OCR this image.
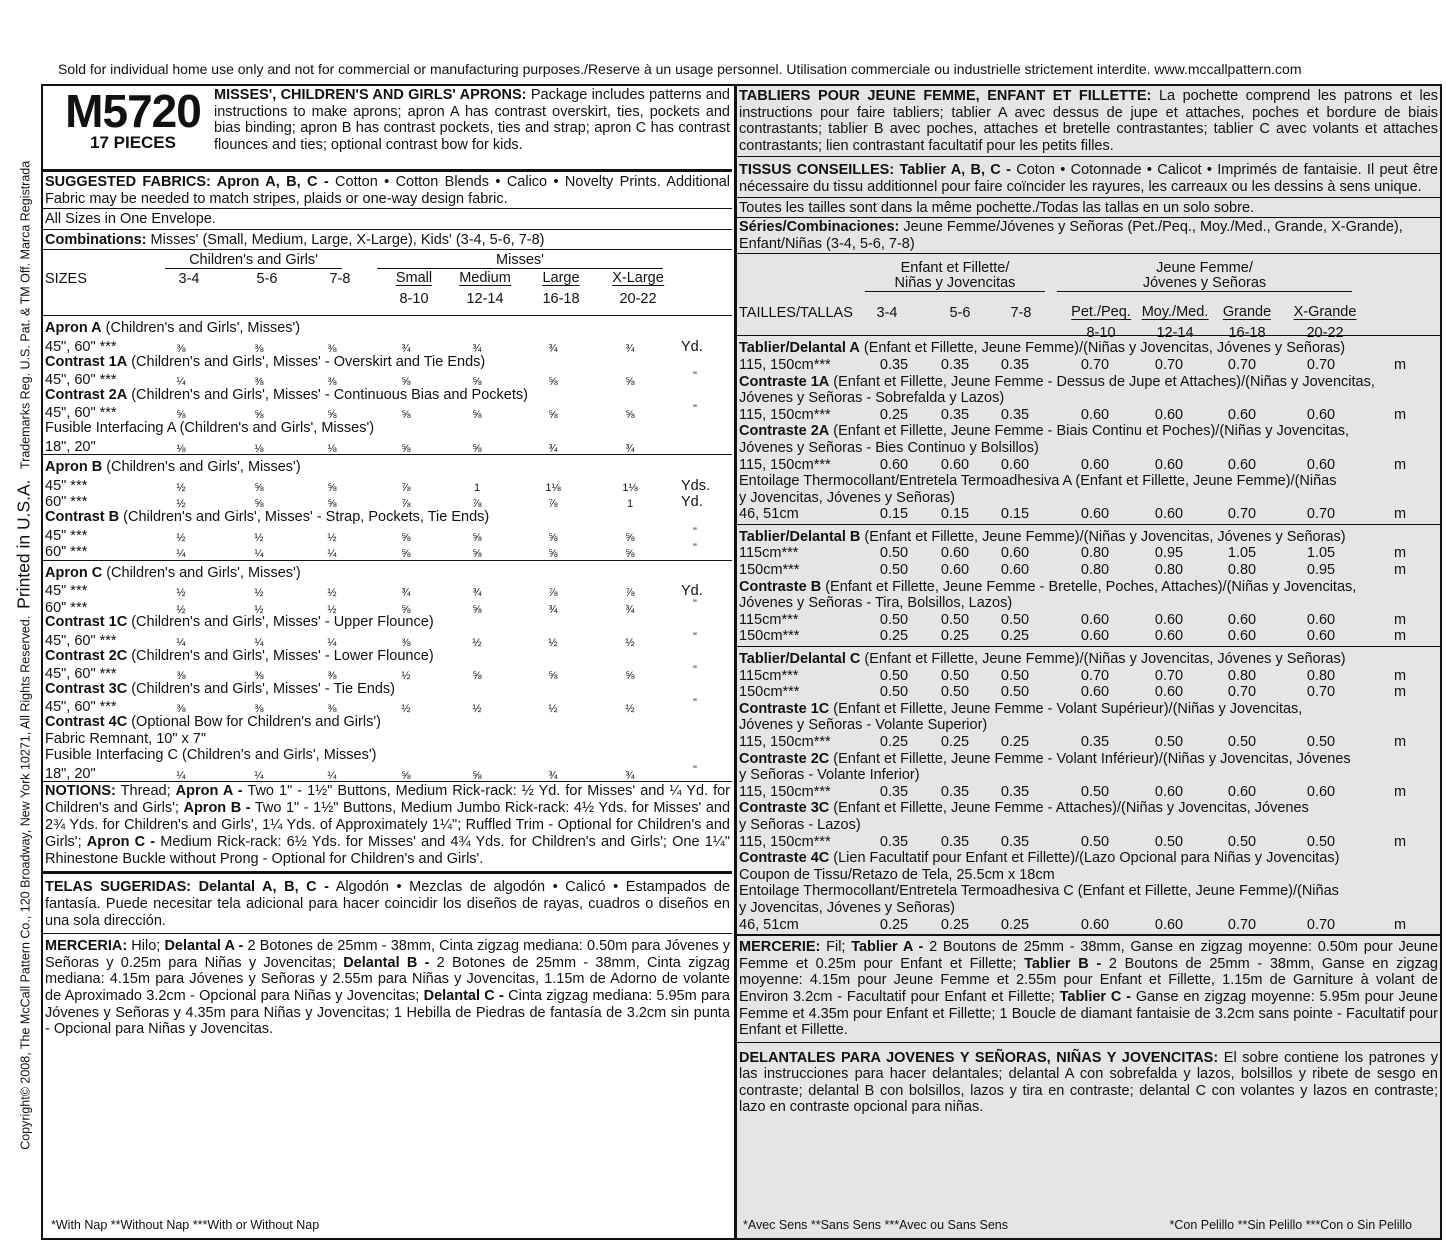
Sold for individual home use only and not for commercial or manufacturing purposes./Reserve à un usage personnel. Utilisation commerciale ou industrielle strictement interdite. www.mccallpattern.com
Copyright© 2008, The McCall Pattern Co., 120 Broadway, New York 10271, All Rights Reserved.  Printed in U.S.A.   Trademarks Reg. U.S. Pat. & TM Off. Marca Registrada
M5720
17 PIECES
MISSES', CHILDREN'S AND GIRLS' APRONS: Package includes patterns and instructions to make aprons; apron A has contrast overskirt, ties, pockets and bias binding; apron B has contrast pockets, ties and strap; apron C has contrast flounces and ties; optional contrast bow for kids.
SUGGESTED FABRICS: Apron A, B, C - Cotton • Cotton Blends • Calico • Novelty Prints. Additional Fabric may be needed to match stripes, plaids or one-way design fabric.
All Sizes in One Envelope.
Combinations: Misses' (Small, Medium, Large, X-Large), Kids' (3-4, 5-6, 7-8)
SIZES	3-4	5-6	7-8	Small Medium Large X-Large
8-10	12-14	16-18	20-22
Children's and Girls'	Misses'
Apron A (Children's and Girls', Misses')
45", 60" ***	⅜	⅜	⅜	¾	¾	¾	¾	Yd.
Contrast 1A (Children's and Girls', Misses' - Overskirt and Tie Ends)
45", 60" ***	¼	⅜	⅜	⅝	⅝	⅝	⅝	"
Contrast 2A (Children's and Girls', Misses' - Continuous Bias and Pockets)
45", 60" ***	⅝	⅝	⅝	⅝	⅝	⅝	⅝	"
Fusible Interfacing A (Children's and Girls', Misses')
18", 20"	⅛	⅛	⅛	⅝	⅝	¾	¾
Apron B (Children's and Girls', Misses')
45" ***	½	⅝	⅝	⅞	1	1⅛	1⅛	Yds.
60" ***	½	⅝	⅝	⅞	⅞	⅞	1	Yd.
Contrast B (Children's and Girls', Misses' - Strap, Pockets, Tie Ends)
45" ***	½	½	½	⅝	⅝	⅝	⅝	"
60" ***	¼	¼	¼	⅝	⅝	⅝	⅝	"
Apron C (Children's and Girls', Misses')
45" ***	½	½	½	¾	¾	⅞	⅞	Yd.
60" ***	½	½	½	⅝	⅝	¾	¾	"
Contrast 1C (Children's and Girls', Misses' - Upper Flounce)
45", 60" ***	¼	¼	¼	⅜	½	½	½	"
Contrast 2C (Children's and Girls', Misses' - Lower Flounce)
45", 60" ***	⅜	⅜	⅜	½	⅝	⅝	⅝	"
Contrast 3C (Children's and Girls', Misses' - Tie Ends)
45", 60" ***	⅜	⅜	⅜	½	½	½	½	"
Contrast 4C (Optional Bow for Children's and Girls')
Fabric Remnant, 10" x 7"
Fusible Interfacing C (Children's and Girls', Misses')
18", 20"	¼	¼	¼	⅝	⅝	¾	¾	"
NOTIONS: Thread; Apron A - Two 1" - 1½" Buttons, Medium Rick-rack: ½ Yd. for Misses' and ¼ Yd. for Children's and Girls'; Apron B - Two 1" - 1½" Buttons, Medium Jumbo Rick-rack: 4½ Yds. for Misses' and 2¾ Yds. for Children's and Girls', 1¼ Yds. of Approximately 1¼"; Ruffled Trim - Optional for Children's and Girls'; Apron C - Medium Rick-rack: 6½ Yds. for Misses' and 4¾ Yds. for Children's and Girls'; One 1¼" Rhinestone Buckle without Prong - Optional for Children's and Girls'.
TELAS SUGERIDAS: Delantal A, B, C - Algodón • Mezclas de algodón • Calicó • Estampados de fantasía. Puede necesitar tela adicional para hacer coincidir los diseños de rayas, cuadros o diseños en una sola dirección.
MERCERIA: Hilo; Delantal A - 2 Botones de 25mm - 38mm, Cinta zigzag mediana: 0.50m para Jóvenes y Señoras y 0.25m para Niñas y Jovencitas; Delantal B - 2 Botones de 25mm - 38mm, Cinta zigzag mediana: 4.15m para Jóvenes y Señoras y 2.55m para Niñas y Jovencitas, 1.15m de Adorno de volante de Aproximado 3.2cm - Opcional para Niñas y Jovencitas; Delantal C - Cinta zigzag mediana: 5.95m para Jóvenes y Señoras y 4.35m para Niñas y Jovencitas; 1 Hebilla de Piedras de fantasía de 3.2cm sin punta - Opcional para Niñas y Jovencitas.
*With Nap **Without Nap ***With or Without Nap
TABLIERS POUR JEUNE FEMME, ENFANT ET FILLETTE: La pochette comprend les patrons et les instructions pour faire tabliers; tablier A avec dessus de jupe et attaches, poches et bordure de biais contrastants; tablier B avec poches, attaches et bretelle contrastantes; tablier C avec volants et attaches contrastants; lien contrastant facultatif pour les petits filles.
TISSUS CONSEILLES: Tablier A, B, C - Coton • Cotonnade • Calicot • Imprimés de fantaisie. Il peut être nécessaire du tissu additionnel pour faire coïncider les rayures, les carreaux ou les dessins à sens unique.
Toutes les tailles sont dans la même pochette./Todas las tallas en un solo sobre.
Séries/Combinaciones: Jeune Femme/Jóvenes y Señoras (Pet./Peq., Moy./Med., Grande, X-Grande), Enfant/Niñas (3-4, 5-6, 7-8)
TAILLES/TALLAS 3-4	5-6	7-8	Pet./Peq. Moy./Med. Grande X-Grande
8-10	12-14 16-18	20-22
Enfant et Fillette/
Niñas y Jovencitas
Jeune Femme/
Jóvenes y Señoras
Tablier/Delantal A (Enfant et Fillette, Jeune Femme)/(Niñas y Jovencitas, Jóvenes y Señoras)
115, 150cm***	0.35 0.35 0.35	0.70	0.70	0.70	0.70	m
Contraste 1A (Enfant et Fillette, Jeune Femme - Dessus de Jupe et Attaches)/(Niñas y Jovencitas,
Jóvenes y Señoras - Sobrefalda y Lazos)
115, 150cm***	0.25 0.35 0.35	0.60	0.60	0.60	0.60	m
Contraste 2A (Enfant et Fillette, Jeune Femme - Biais Continu et Poches)/(Niñas y Jovencitas,
Jóvenes y Señoras - Bies Continuo y Bolsillos)
115, 150cm***	0.60 0.60 0.60	0.60	0.60	0.60	0.60	m
Entoilage Thermocollant/Entretela Termoadhesiva A (Enfant et Fillette, Jeune Femme)/(Niñas
y Jovencitas, Jóvenes y Señoras)
46, 51cm	0.15 0.15 0.15	0.60	0.60	0.70	0.70	m
Tablier/Delantal B (Enfant et Fillette, Jeune Femme)/(Niñas y Jovencitas, Jóvenes y Señoras)
115cm***	0.50 0.60 0.60	0.80	0.95	1.05	1.05	m
150cm***	0.50 0.60 0.60	0.80	0.80	0.80	0.95	m
Contraste B (Enfant et Fillette, Jeune Femme - Bretelle, Poches, Attaches)/(Niñas y Jovencitas,
Jóvenes y Señoras - Tira, Bolsillos, Lazos)
115cm***	0.50 0.50 0.50	0.60	0.60	0.60	0.60	m
150cm***	0.25 0.25 0.25	0.60	0.60	0.60	0.60	m
Tablier/Delantal C (Enfant et Fillette, Jeune Femme)/(Niñas y Jovencitas, Jóvenes y Señoras)
115cm***	0.50 0.50 0.50	0.70	0.70	0.80	0.80	m
150cm***	0.50 0.50 0.50	0.60	0.60	0.70	0.70	m
Contraste 1C (Enfant et Fillette, Jeune Femme - Volant Supérieur)/(Niñas y Jovencitas,
Jóvenes y Señoras - Volante Superior)
115, 150cm***	0.25 0.25 0.25	0.35	0.50	0.50	0.50	m
Contraste 2C (Enfant et Fillette, Jeune Femme - Volant Inférieur)/(Niñas y Jovencitas, Jóvenes
y Señoras - Volante Inferior)
115, 150cm***	0.35 0.35 0.35	0.50	0.60	0.60	0.60	m
Contraste 3C (Enfant et Fillette, Jeune Femme - Attaches)/(Niñas y Jovencitas, Jóvenes
y Señoras - Lazos)
115, 150cm***	0.35 0.35 0.35	0.50	0.50	0.50	0.50	m
Contraste 4C (Lien Facultatif pour Enfant et Fillette)/(Lazo Opcional para Niñas y Jovencitas)
Coupon de Tissu/Retazo de Tela, 25.5cm x 18cm
Entoilage Thermocollant/Entretela Termoadhesiva C (Enfant et Fillette, Jeune Femme)/(Niñas
y Jovencitas, Jóvenes y Señoras)
46, 51cm	0.25 0.25 0.25	0.60	0.60	0.70	0.70	m
MERCERIE: Fil; Tablier A - 2 Boutons de 25mm - 38mm, Ganse en zigzag moyenne: 0.50m pour Jeune Femme et 0.25m pour Enfant et Fillette; Tablier B - 2 Boutons de 25mm - 38mm, Ganse en zigzag moyenne: 4.15m pour Jeune Femme et 2.55m pour Enfant et Fillette, 1.15m de Garniture à volant de Environ 3.2cm - Facultatif pour Enfant et Fillette; Tablier C - Ganse en zigzag moyenne: 5.95m pour Jeune Femme et 4.35m pour Enfant et Fillette; 1 Boucle de diamant fantaisie de 3.2cm sans pointe - Facultatif pour Enfant et Fillette.
DELANTALES PARA JOVENES Y SEÑORAS, NIÑAS Y JOVENCITAS: El sobre contiene los patrones y las instrucciones para hacer delantales; delantal A con sobrefalda y lazos, bolsillos y ribete de sesgo en contraste; delantal B con bolsillos, lazos y tira en contraste; delantal C con volantes y lazos en contraste; lazo en contraste opcional para niñas.
*Avec Sens **Sans Sens ***Avec ou Sans Sens	*Con Pelillo **Sin Pelillo ***Con o Sin Pelillo
